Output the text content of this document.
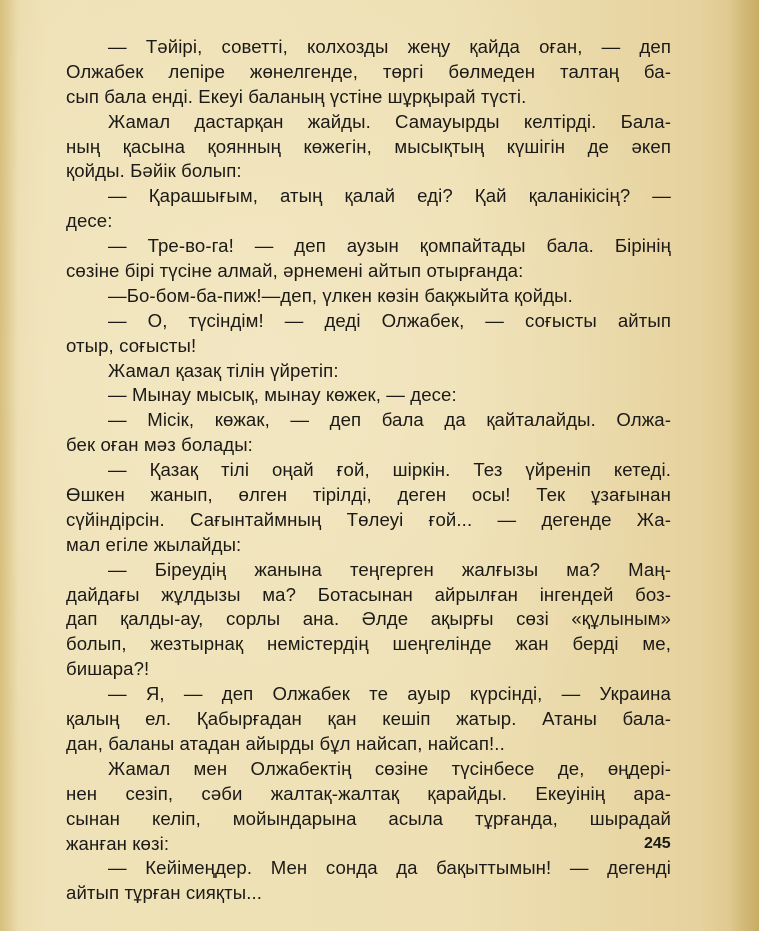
— Тәйірі, советті, колхозды жеңу қайда оған, — деп
Олжабек лепіре жөнелгенде, төргі бөлмеден талтаң ба-
сып бала енді. Екеуі баланың үстіне шұрқырай түсті.
Жамал дастарқан жайды. Самауырды келтірді. Бала-
ның қасына қоянның көжегін, мысықтың күшігін де әкеп
қойды. Бәйік болып:
— Қарашығым, атың қалай еді? Қай қаланікісің? —
десе:
— Тре-во-га! — деп аузын қомпайтады бала. Бірінің
сөзіне бірі түсіне алмай, әрнемені айтып отырғанда:
—Бо-бом-ба-пиж!—деп, үлкен көзін бақжыйта қойды.
— О, түсіндім! — деді Олжабек, — соғысты айтып
отыр, соғысты!
Жамал қазақ тілін үйретіп:
— Мынау мысық, мынау көжек, — десе:
— Місік, көжак, — деп бала да қайталайды. Олжа-
бек оған мәз болады:
— Қазақ тілі оңай ғой, шіркін. Тез үйреніп кетеді.
Өшкен жанып, өлген тірілді, деген осы! Тек ұзағынан
сүйіндірсін. Сағынтаймның Төлеуі ғой... — дегенде Жа-
мал егіле жылайды:
— Біреудің жанына теңгерген жалғызы ма? Маң-
дайдағы жұлдызы ма? Ботасынан айрылған інгендей боз-
дап қалды-ау, сорлы ана. Әлде ақырғы сөзі «құлыным»
болып, жезтырнақ немістердің шеңгелінде жан берді ме,
бишара?!
— Я, — деп Олжабек те ауыр күрсінді, — Украина
қалың ел. Қабырғадан қан кешіп жатыр. Атаны бала-
дан, баланы атадан айырды бұл найсап, найсап!..
Жамал мен Олжабектің сөзіне түсінбесе де, өңдері-
нен сезіп, сәби жалтақ-жалтақ қарайды. Екеуінің ара-
сынан келіп, мойындарына асыла тұрғанда, шырадай
жанған көзі:
— Кейімеңдер. Мен сонда да бақыттымын! — дегенді
айтып тұрған сияқты...
245
